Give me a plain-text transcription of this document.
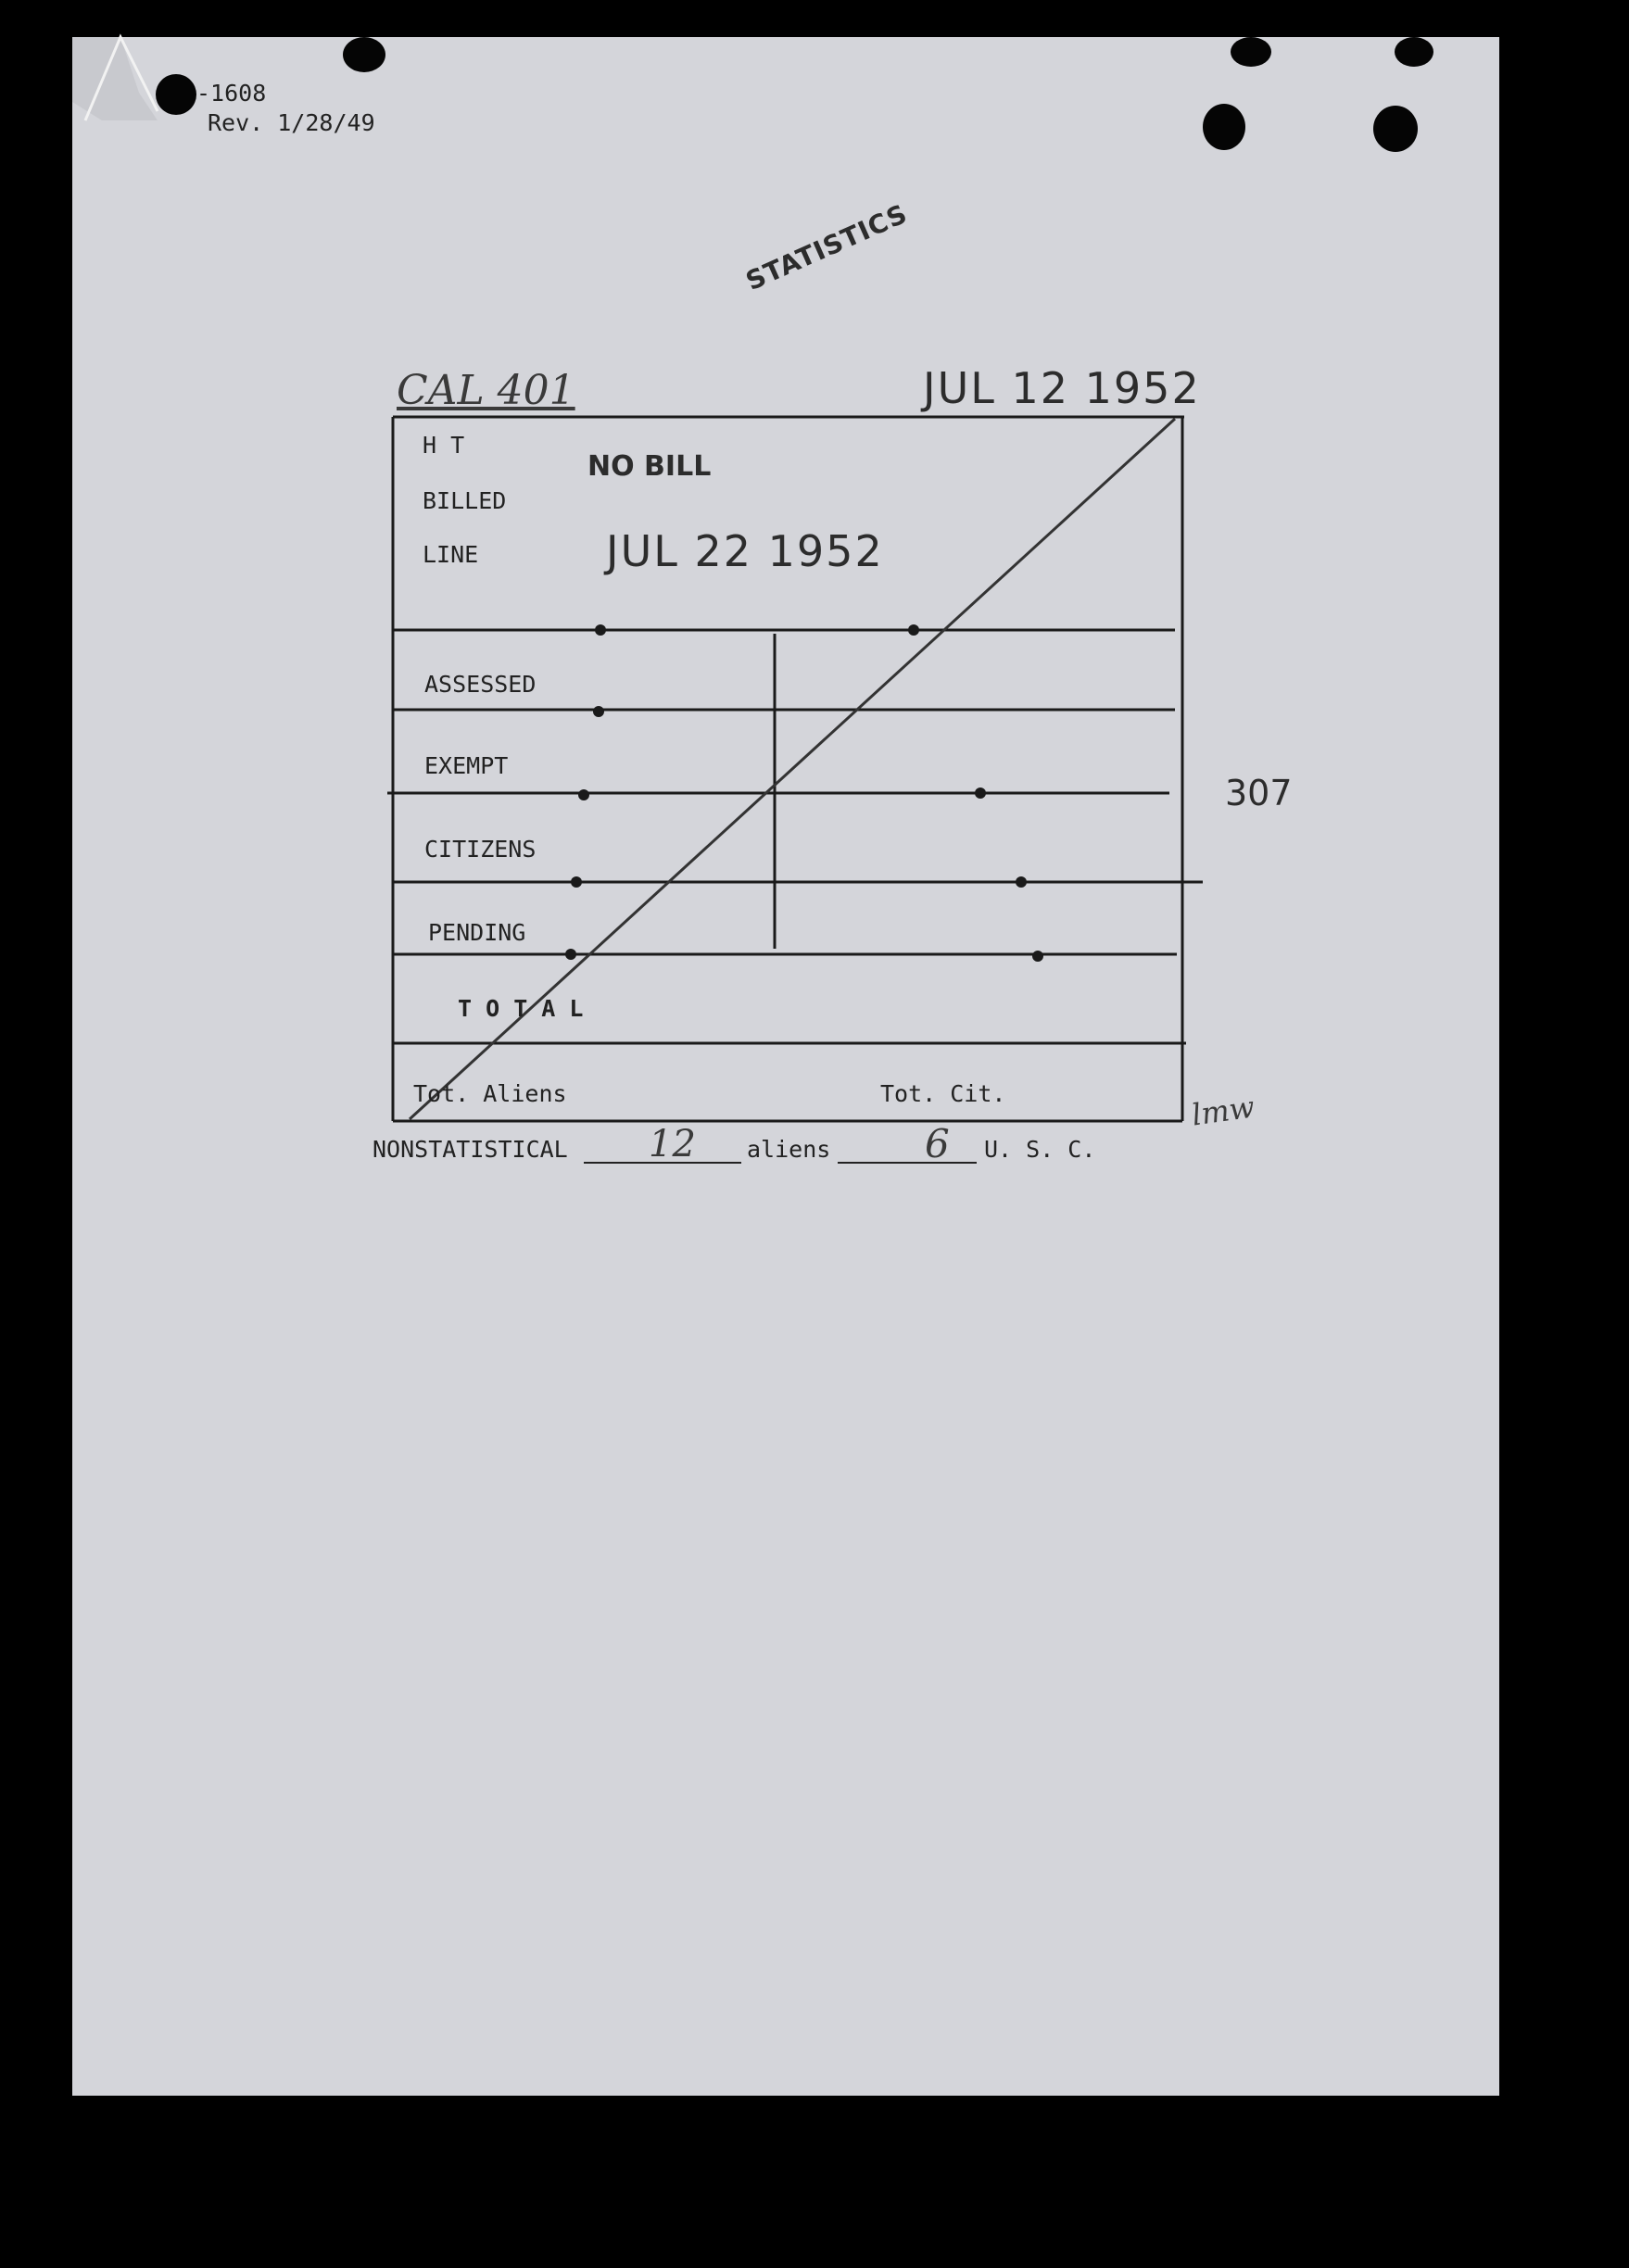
-1608
Rev. 1/28/49
STATISTICS
CAL 401	JUL 12 1952
H T
BILLED
LINE
ASSESSED
EXEMPT
CITIZENS
PENDING
T O T A L
Tot. Aliens	Tot. Cit.
NO BILL
JUL 22 1952
307
lmw
NONSTATISTICAL 12 aliens 6 U. S. C.
